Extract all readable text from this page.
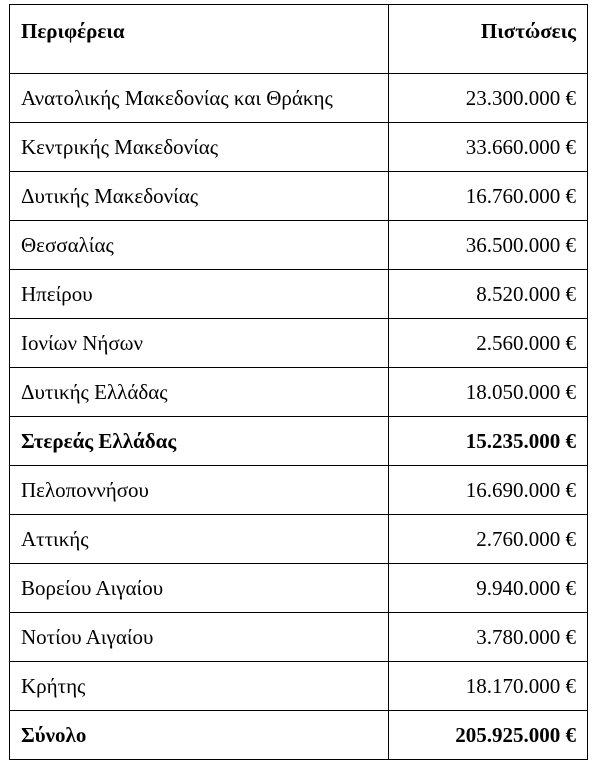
Περιφέρεια	Πιστώσεις
Ανατολικής Μακεδονίας και Θράκης	23.300.000 €
Κεντρικής Μακεδονίας	33.660.000 €
Δυτικής Μακεδονίας	16.760.000 €
Θεσσαλίας	36.500.000 €
Ηπείρου	8.520.000 €
Ιονίων Νήσων	2.560.000 €
Δυτικής Ελλάδας	18.050.000 €
Στερεάς Ελλάδας	15.235.000 €
Πελοποννήσου	16.690.000 €
Αττικής	2.760.000 €
Βορείου Αιγαίου	9.940.000 €
Νοτίου Αιγαίου	3.780.000 €
Κρήτης	18.170.000 €
Σύνολο	205.925.000 €
